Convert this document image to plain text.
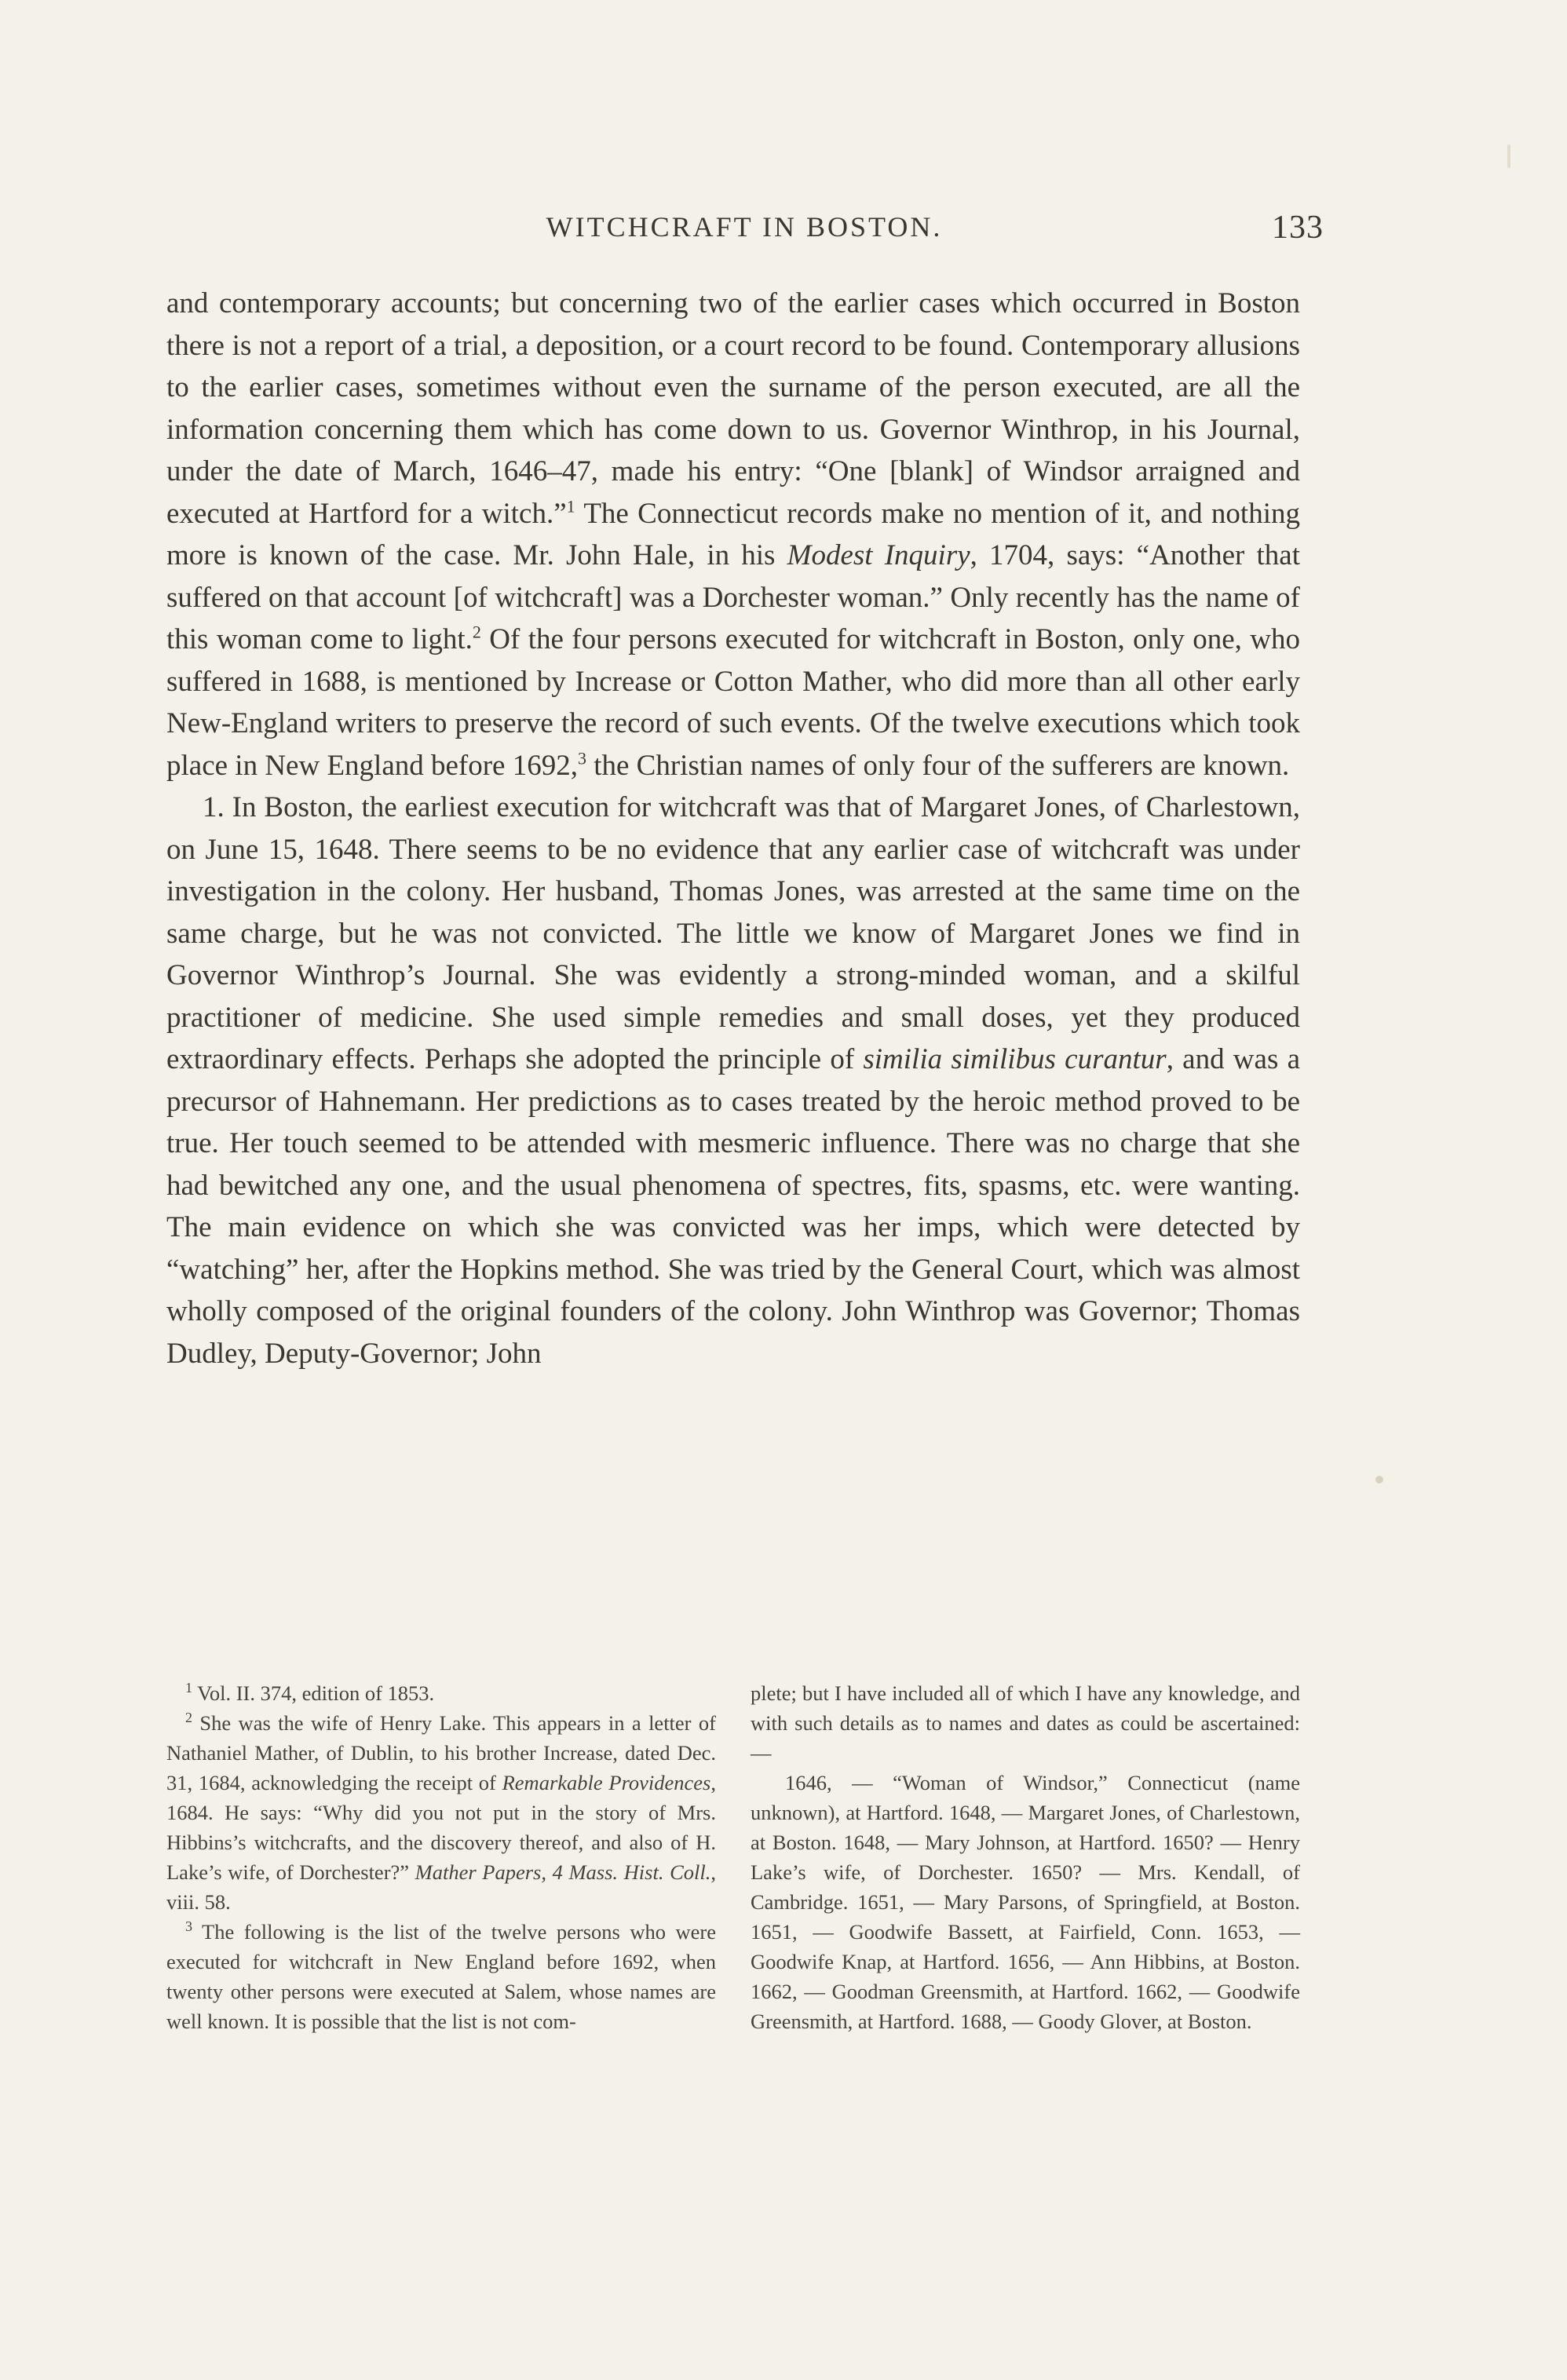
WITCHCRAFT IN BOSTON.	133

and contemporary accounts; but concerning two of the earlier cases which occurred in Boston there is not a report of a trial, a deposition, or a court record to be found. Contemporary allusions to the earlier cases, sometimes without even the surname of the person executed, are all the information concerning them which has come down to us. Governor Winthrop, in his Journal, under the date of March, 1646–47, made his entry: “One [blank] of Windsor arraigned and executed at Hartford for a witch.”$^1$ The Connecticut records make no mention of it, and nothing more is known of the case. Mr. John Hale, in his Modest Inquiry, 1704, says: “Another that suffered on that account [of witchcraft] was a Dorchester woman.” Only recently has the name of this woman come to light.$^2$ Of the four persons executed for witchcraft in Boston, only one, who suffered in 1688, is mentioned by Increase or Cotton Mather, who did more than all other early New-England writers to preserve the record of such events. Of the twelve executions which took place in New England before 1692,$^3$ the Christian names of only four of the sufferers are known.

1. In Boston, the earliest execution for witchcraft was that of Margaret Jones, of Charlestown, on June 15, 1648. There seems to be no evidence that any earlier case of witchcraft was under investigation in the colony. Her husband, Thomas Jones, was arrested at the same time on the same charge, but he was not convicted. The little we know of Margaret Jones we find in Governor Winthrop’s Journal. She was evidently a strong-minded woman, and a skilful practitioner of medicine. She used simple remedies and small doses, yet they produced extraordinary effects. Perhaps she adopted the principle of similia similibus curantur, and was a precursor of Hahnemann. Her predictions as to cases treated by the heroic method proved to be true. Her touch seemed to be attended with mesmeric influence. There was no charge that she had bewitched any one, and the usual phenomena of spectres, fits, spasms, etc. were wanting. The main evidence on which she was convicted was her imps, which were detected by “watching” her, after the Hopkins method. She was tried by the General Court, which was almost wholly composed of the original founders of the colony. John Winthrop was Governor; Thomas Dudley, Deputy-Governor; John

$^1$ Vol. II. 374, edition of 1853.

$^2$ She was the wife of Henry Lake. This appears in a letter of Nathaniel Mather, of Dublin, to his brother Increase, dated Dec. 31, 1684, acknowledging the receipt of Remarkable Providences, 1684. He says: “Why did you not put in the story of Mrs. Hibbins’s witchcrafts, and the discovery thereof, and also of H. Lake’s wife, of Dorchester?” Mather Papers, 4 Mass. Hist. Coll., viii. 58.

$^3$ The following is the list of the twelve persons who were executed for witchcraft in New England before 1692, when twenty other persons were executed at Salem, whose names are well known. It is possible that the list is not com-

plete; but I have included all of which I have any knowledge, and with such details as to names and dates as could be ascertained: —

1646, — “Woman of Windsor,” Connecticut (name unknown), at Hartford. 1648, — Margaret Jones, of Charlestown, at Boston. 1648, — Mary Johnson, at Hartford. 1650? — Henry Lake’s wife, of Dorchester. 1650? — Mrs. Kendall, of Cambridge. 1651, — Mary Parsons, of Springfield, at Boston. 1651, — Goodwife Bassett, at Fairfield, Conn. 1653, — Goodwife Knap, at Hartford. 1656, — Ann Hibbins, at Boston. 1662, — Goodman Greensmith, at Hartford. 1662, — Goodwife Greensmith, at Hartford. 1688, — Goody Glover, at Boston.
